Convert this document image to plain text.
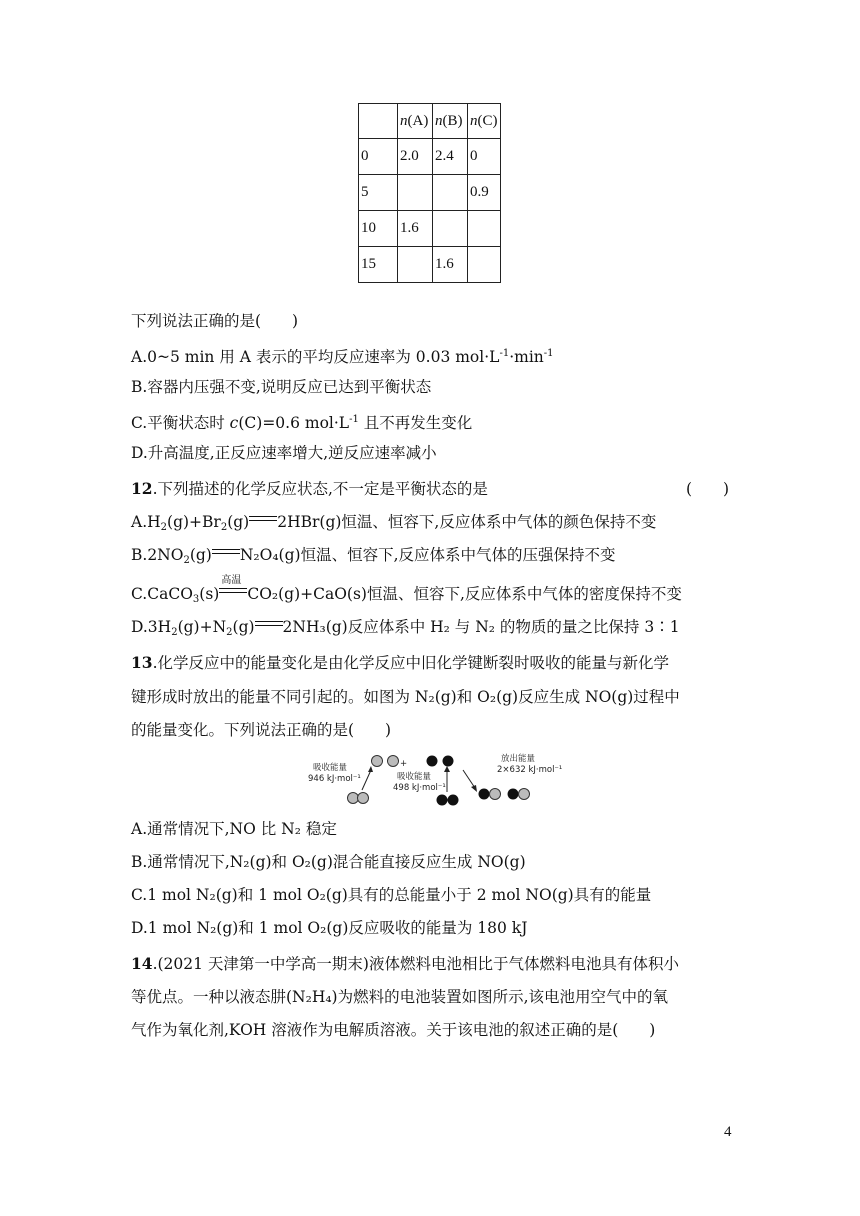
	n(A)	n(B)	n(C)
0	2.0	2.4	0
5			0.9
10	1.6		
15		1.6	
下列说法正确的是(　　)
A.0~5 min 用 A 表示的平均反应速率为 0.03 $mol\cdot L^{-1}\cdot\min^{-1}$
B.容器内压强不变,说明反应已达到平衡状态
C.平衡状态时 c(C)=0.6 $mol\cdot L^{-1}$ 且不再发生变化
D.升高温度,正反应速率增大,逆反应速率减小
12.下列描述的化学反应状态,不一定是平衡状态的是	(　　)
$A.H_2(g)+Br_2(g)$ 2HBr(g)恒温、恒容下,反应体系中气体的颜色保持不变
$B.2NO_2(g)$ N₂O₄(g)恒温、恒容下,反应体系中气体的压强保持不变
C.CaCO$_3$(s)
高温
CO₂(g)+CaO(s)恒温、恒容下,反应体系中气体的密度保持不变
$D.3H_2(g)+N_2(g)$ 2NH₃(g)反应体系中 H₂ 与 N₂ 的物质的量之比保持 3∶1
13.化学反应中的能量变化是由化学反应中旧化学键断裂时吸收的能量与新化学
键形成时放出的能量不同引起的。如图为 N₂(g)和 O₂(g)反应生成 NO(g)过程中
的能量变化。下列说法正确的是(　　)
吸收能量
946 kJ·mol⁻¹
+
吸收能量
498 kJ·mol⁻¹
放出能量
2×632 kJ·mol⁻¹
A.通常情况下,NO 比 N₂ 稳定
B.通常情况下,N₂(g)和 O₂(g)混合能直接反应生成 NO(g)
C.1 mol N₂(g)和 1 mol O₂(g)具有的总能量小于 2 mol NO(g)具有的能量
D.1 mol N₂(g)和 1 mol O₂(g)反应吸收的能量为 180 kJ
14.(2021 天津第一中学高一期末)液体燃料电池相比于气体燃料电池具有体积小
等优点。一种以液态肼(N₂H₄)为燃料的电池装置如图所示,该电池用空气中的氧
气作为氧化剂,KOH 溶液作为电解质溶液。关于该电池的叙述正确的是(　　)
4
